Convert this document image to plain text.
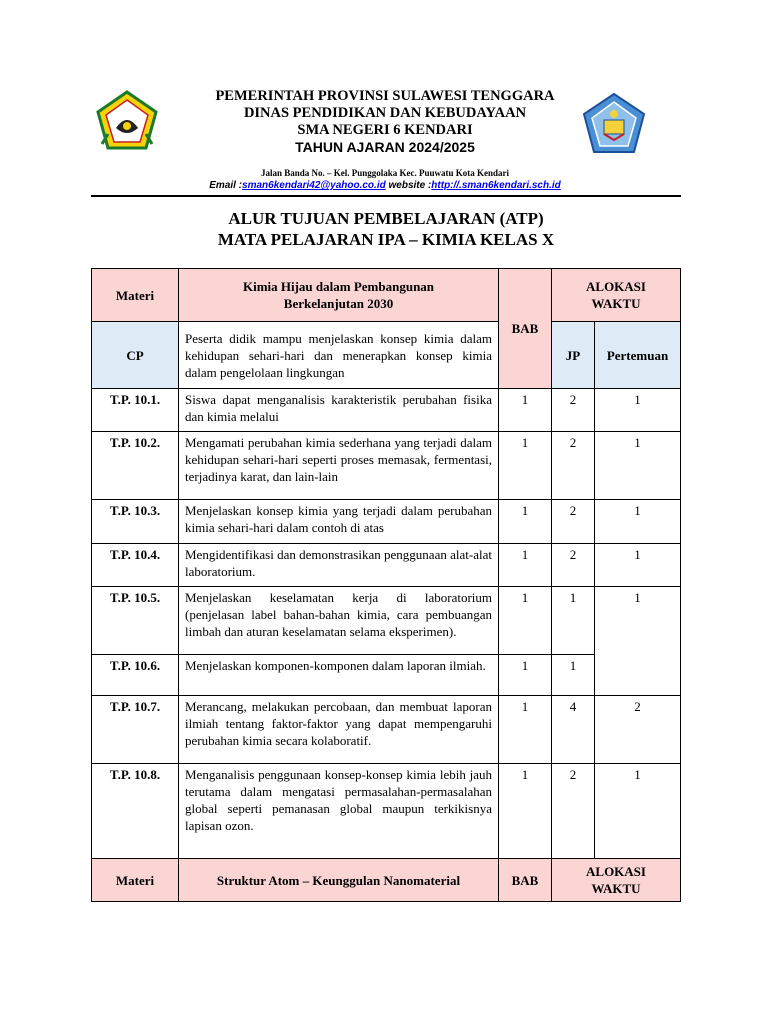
PEMERINTAH PROVINSI SULAWESI TENGGARA
DINAS PENDIDIKAN DAN KEBUDAYAAN
SMA NEGERI 6 KENDARI
TAHUN AJARAN 2024/2025
Jalan Banda No. – Kel. Punggolaka Kec. Puuwatu Kota Kendari
Email :sman6kendari42@yahoo.co.id website :http://.sman6kendari.sch.id
ALUR TUJUAN PEMBELAJARAN (ATP)
MATA PELAJARAN IPA – KIMIA KELAS X
Materi	Kimia Hijau dalam Pembangunan Berkelanjutan 2030	BAB	ALOKASI WAKTU	
CP	Peserta didik mampu menjelaskan konsep kimia dalam kehidupan sehari-hari dan menerapkan konsep kimia dalam pengelolaan lingkungan		JP	Pertemuan
T.P. 10.1.	Siswa dapat menganalisis karakteristik perubahan fisika dan kimia melalui	1	2	1
T.P. 10.2.	Mengamati perubahan kimia sederhana yang terjadi dalam kehidupan sehari-hari seperti proses memasak, fermentasi, terjadinya karat, dan lain-lain	1	2	1
T.P. 10.3.	Menjelaskan konsep kimia yang terjadi dalam perubahan kimia sehari-hari dalam contoh di atas	1	2	1
T.P. 10.4.	Mengidentifikasi dan demonstrasikan penggunaan alat-alat laboratorium.	1	2	1
T.P. 10.5.	Menjelaskan keselamatan kerja di laboratorium (penjelasan label bahan-bahan kimia, cara pembuangan limbah dan aturan keselamatan selama eksperimen).	1	1	1
T.P. 10.6.	Menjelaskan komponen-komponen dalam laporan ilmiah.	1	1	
T.P. 10.7.	Merancang, melakukan percobaan, dan membuat laporan ilmiah tentang faktor-faktor yang dapat mempengaruhi perubahan kimia secara kolaboratif.	1	4	2
T.P. 10.8.	Menganalisis penggunaan konsep-konsep kimia lebih jauh terutama dalam mengatasi permasalahan-permasalahan global seperti pemanasan global maupun terkikisnya lapisan ozon.	1	2	1
Materi	Struktur Atom – Keunggulan Nanomaterial	BAB	ALOKASI WAKTU	
